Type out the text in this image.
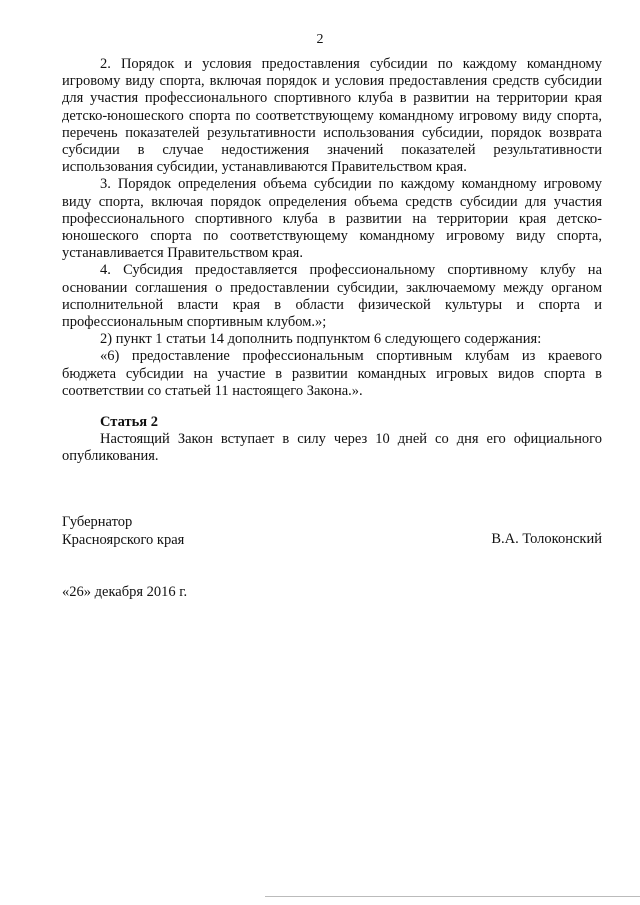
2

2. Порядок и условия предоставления субсидии по каждому командному игровому виду спорта, включая порядок и условия предоставления средств субсидии для участия профессионального спортивного клуба в развитии на территории края детско-юношеского спорта по соответствующему командному игровому виду спорта, перечень показателей результативности использования субсидии, порядок возврата субсидии в случае недостижения значений показателей результативности использования субсидии, устанавливаются Правительством края.

3. Порядок определения объема субсидии по каждому командному игровому виду спорта, включая порядок определения объема средств субсидии для участия профессионального спортивного клуба в развитии на территории края детско-юношеского спорта по соответствующему командному игровому виду спорта, устанавливается Правительством края.

4. Субсидия предоставляется профессиональному спортивному клубу на основании соглашения о предоставлении субсидии, заключаемому между органом исполнительной власти края в области физической культуры и спорта и профессиональным спортивным клубом.»;

2) пункт 1 статьи 14 дополнить подпунктом 6 следующего содержания:

«6) предоставление профессиональным спортивным клубам из краевого бюджета субсидии на участие в развитии командных игровых видов спорта в соответствии со статьей 11 настоящего Закона.».

Статья 2
Настоящий Закон вступает в силу через 10 дней со дня его официального опубликования.
Губернатор
Красноярского края	В.А. Толоконский
«26» декабря 2016 г.
